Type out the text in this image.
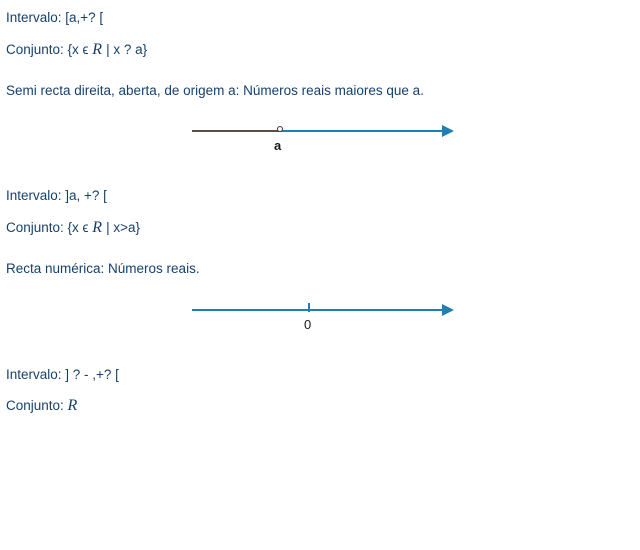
Intervalo: [a,+? [

Conjunto: {x ϵ R | x ? a}

Semi recta direita, aberta, de origem a: Números reais maiores que a.

a

Intervalo: ]a, +? [

Conjunto: {x ϵ R | x>a}

Recta numérica: Números reais.

0

Intervalo: ] ? - ,+? [

Conjunto: R
